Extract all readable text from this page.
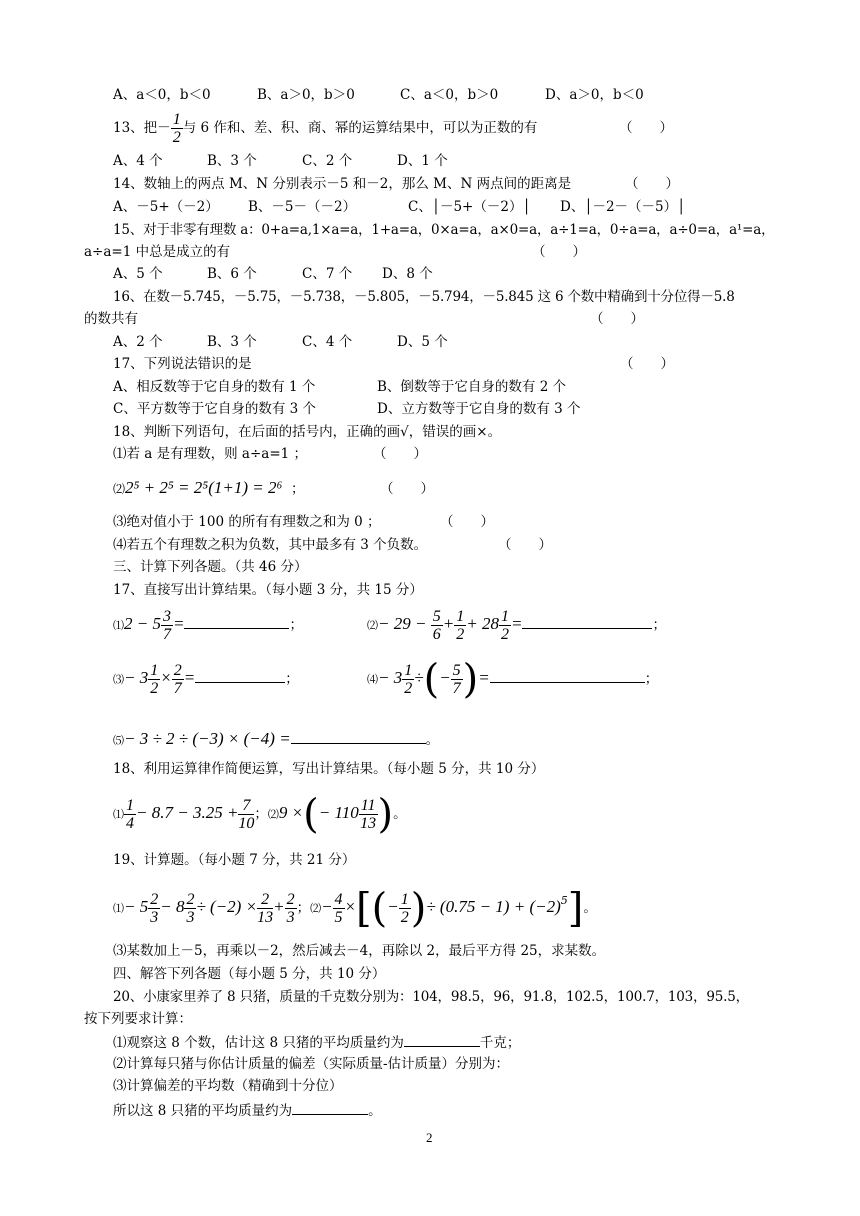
A、a＜0，b＜0	B、a＞0，b＞0	C、a＜0，b＞0	D、a＞0，b＜0
13、把－ $\frac{1}{2}$ 与 6 作和、差、积、商、幂的运算结果中，可以为正数的有	（　　）
A、4 个	B、3 个	C、2 个	D、1 个
14、数轴上的两点 M、N 分别表示－5 和－2，那么 M、N 两点间的距离是	（　　）
A、－5+（－2） B、－5－（－2）	C、│－5+（－2）│ D、│－2－（－5）│
15、对于非零有理数 a：0+a=a,1×a=a，1+a=a，0×a=a，a×0=a，a÷1=a，0÷a=a，a÷0=a，a¹=a，
a÷a=1 中总是成立的有	（　　）
A、5 个	B、6 个	C、7 个 D、8 个
16、在数－5.745，－5.75，－5.738，－5.805，－5.794，－5.845 这 6 个数中精确到十分位得－5.8
的数共有	（　　）
A、2 个	B、3 个	C、4 个	D、5 个
17、下列说法错识的是	（　　）
A、相反数等于它自身的数有 1 个	B、倒数等于它自身的数有 2 个
C、平方数等于它自身的数有 3 个	D、立方数等于它自身的数有 3 个
18、判断下列语句，在后面的括号内，正确的画√，错误的画×。
⑴若 a 是有理数，则 a÷a=1 ；	（　　）
⑵2⁵ + 2⁵ = 2⁵(1+1) = 2⁶ ；	（　　）
⑶绝对值小于 100 的所有有理数之和为 0 ；	（　　）
⑷若五个有理数之积为负数，其中最多有 3 个负数。	（　　）
三、计算下列各题。（共 46 分）
17、直接写出计算结果。（每小题 3 分，共 15 分）
⑴2 − $5 \frac{3}{7}$ =	；	⑵− $29 - \frac{5}{6} + \frac{1}{2} + 28 \frac{1}{2}$ =	；
⑶− $3 \frac{1}{2} \times \frac{2}{7}$ =	；	⑷− $3 \frac{1}{2}$ ÷(− $\frac{5}{7}$ )=	；
⑸− 3 ÷ 2 ÷ (−3) × (−4) =	。
18、利用运算律作简便运算，写出计算结果。（每小题 5 分，共 10 分）
⑴ $\frac{1}{4} - 8.7 - 3.25 + \frac{7}{10}$ ；⑵9 ×(− $110 \frac{11}{13}$ )。
19、计算题。（每小题 7 分，共 21 分）
⑴− $5 \frac{2}{3} - 8 \frac{2}{3} \div (-2) \times \frac{2}{13} + \frac{2}{3}$ ；⑵− $\frac{4}{5}$ ×[(− $\frac{1}{2}$ )÷ $(0.75 - 1) + (-2)^5$]。
⑶某数加上－5，再乘以－2，然后减去－4，再除以 2，最后平方得 25，求某数。
四、解答下列各题（每小题 5 分，共 10 分）
20、小康家里养了 8 只猪，质量的千克数分别为：104，98.5，96，91.8，102.5，100.7，103，95.5，
按下列要求计算：
⑴观察这 8 个数，估计这 8 只猪的平均质量约为	千克；
⑵计算每只猪与你估计质量的偏差（实际质量-估计质量）分别为：
⑶计算偏差的平均数（精确到十分位）
所以这 8 只猪的平均质量约为	。
2
